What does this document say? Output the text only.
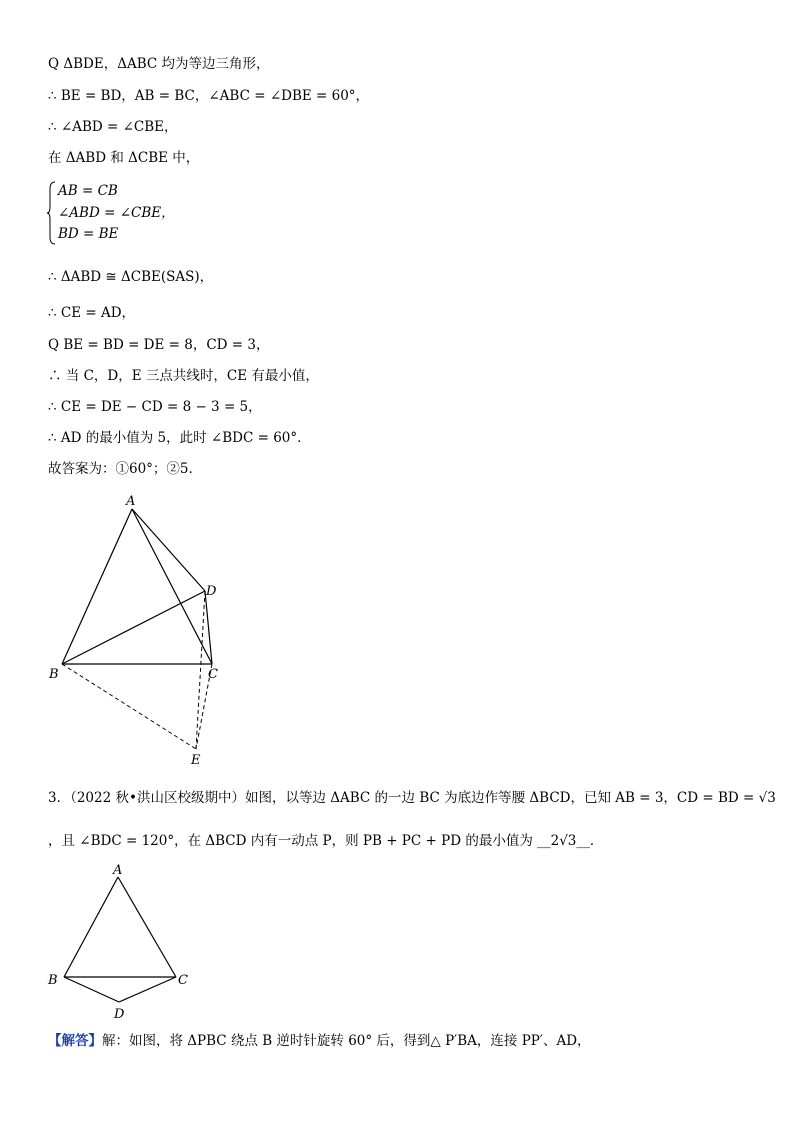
Q ΔBDE，ΔABC 均为等边三角形，
∴ BE = BD，AB = BC，∠ABC = ∠DBE = 60°，
∴ ∠ABD = ∠CBE，
在 ΔABD 和 ΔCBE 中，
AB = CB
∠ABD = ∠CBE，
BD = BE
∴ ΔABD ≅ ΔCBE(SAS)，
∴ CE = AD，
Q BE = BD = DE = 8，CD = 3，
∴ 当 C，D，E 三点共线时，CE 有最小值，
∴ CE = DE − CD = 8 − 3 = 5，
∴ AD 的最小值为 5，此时 ∠BDC = 60°．
故答案为：①60°；②5．
A
B	C
D
E
3．（2022 秋•洪山区校级期中）如图，以等边 ΔABC 的一边 BC 为底边作等腰 ΔBCD，已知 AB = 3，CD = BD = √3
，且 ∠BDC = 120°，在 ΔBCD 内有一动点 P，则 PB + PC + PD 的最小值为 __2√3__．
A
B	C
D
【解答】解：如图，将 ΔPBC 绕点 B 逆时针旋转 60° 后，得到△ P′BA，连接 PP′、AD，
